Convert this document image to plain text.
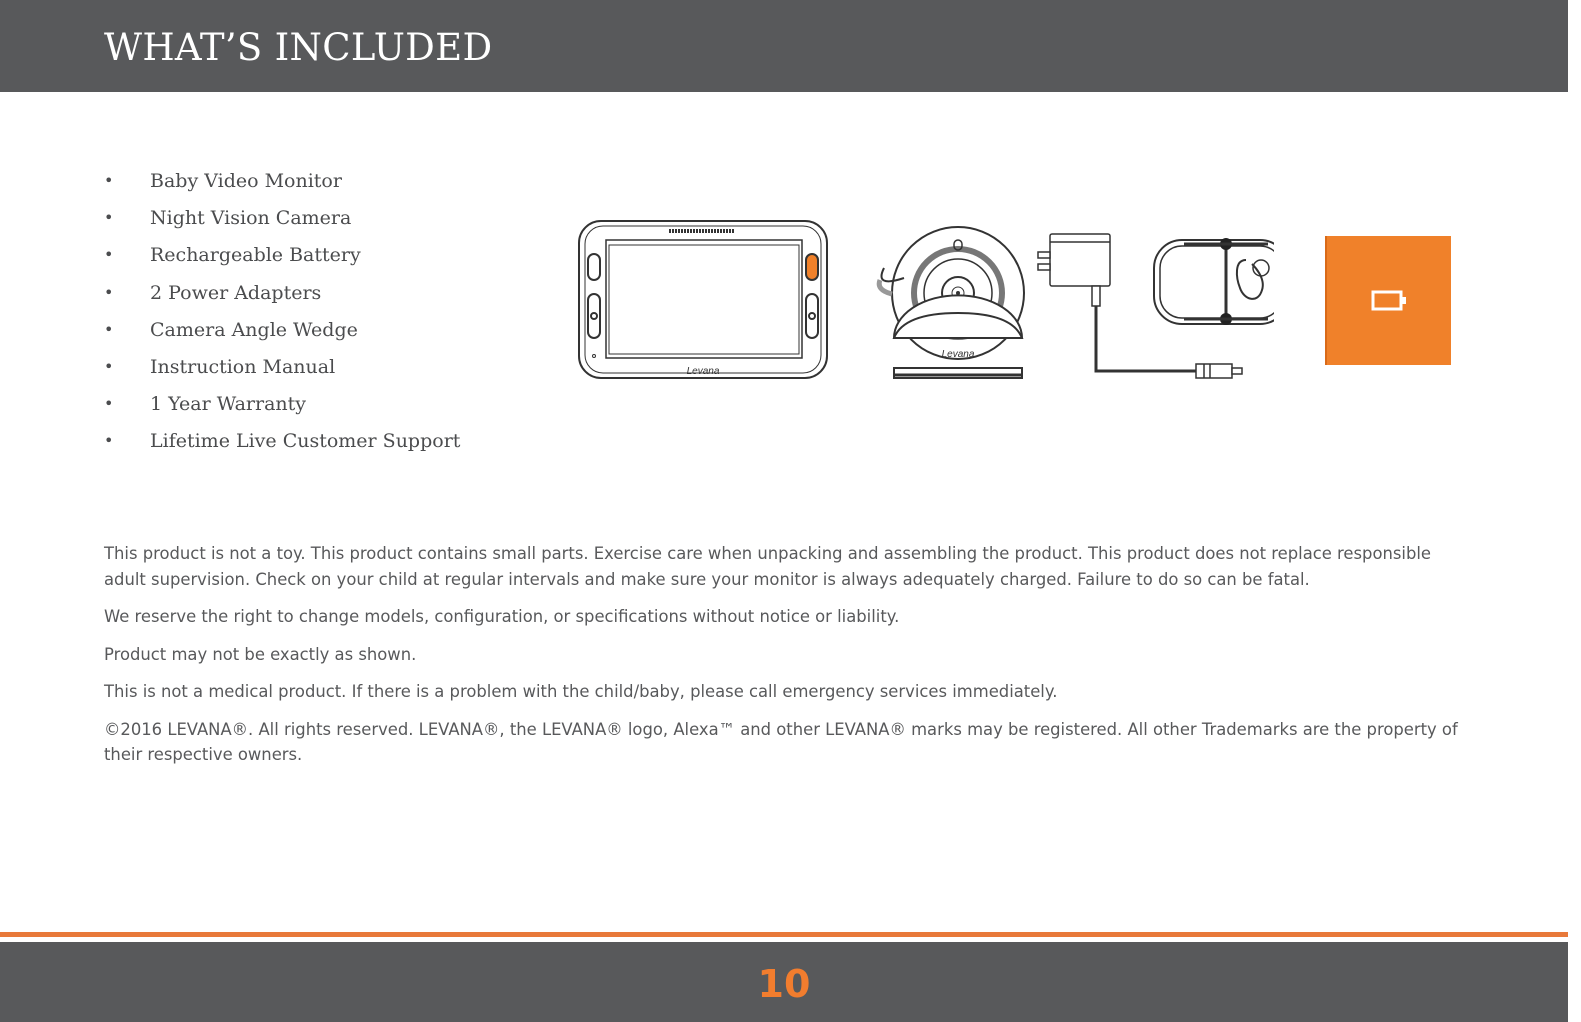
WHAT’S INCLUDED
• Baby Video Monitor
• Night Vision Camera
• Rechargeable Battery
• 2 Power Adapters
• Camera Angle Wedge
• Instruction Manual
• 1 Year Warranty
• Lifetime Live Customer Support
Levana
Levana

This product is not a toy. This product contains small parts. Exercise care when unpacking and assembling the product. This product does not replace responsible adult supervision. Check on your child at regular intervals and make sure your monitor is always adequately charged. Failure to do so can be fatal.

We reserve the right to change models, configuration, or specifications without notice or liability.

Product may not be exactly as shown.

This is not a medical product. If there is a problem with the child/baby, please call emergency services immediately.

©2016 LEVANA®. All rights reserved. LEVANA®, the LEVANA® logo, Alexa™ and other LEVANA® marks may be registered. All other Trademarks are the property of their respective owners.

10
